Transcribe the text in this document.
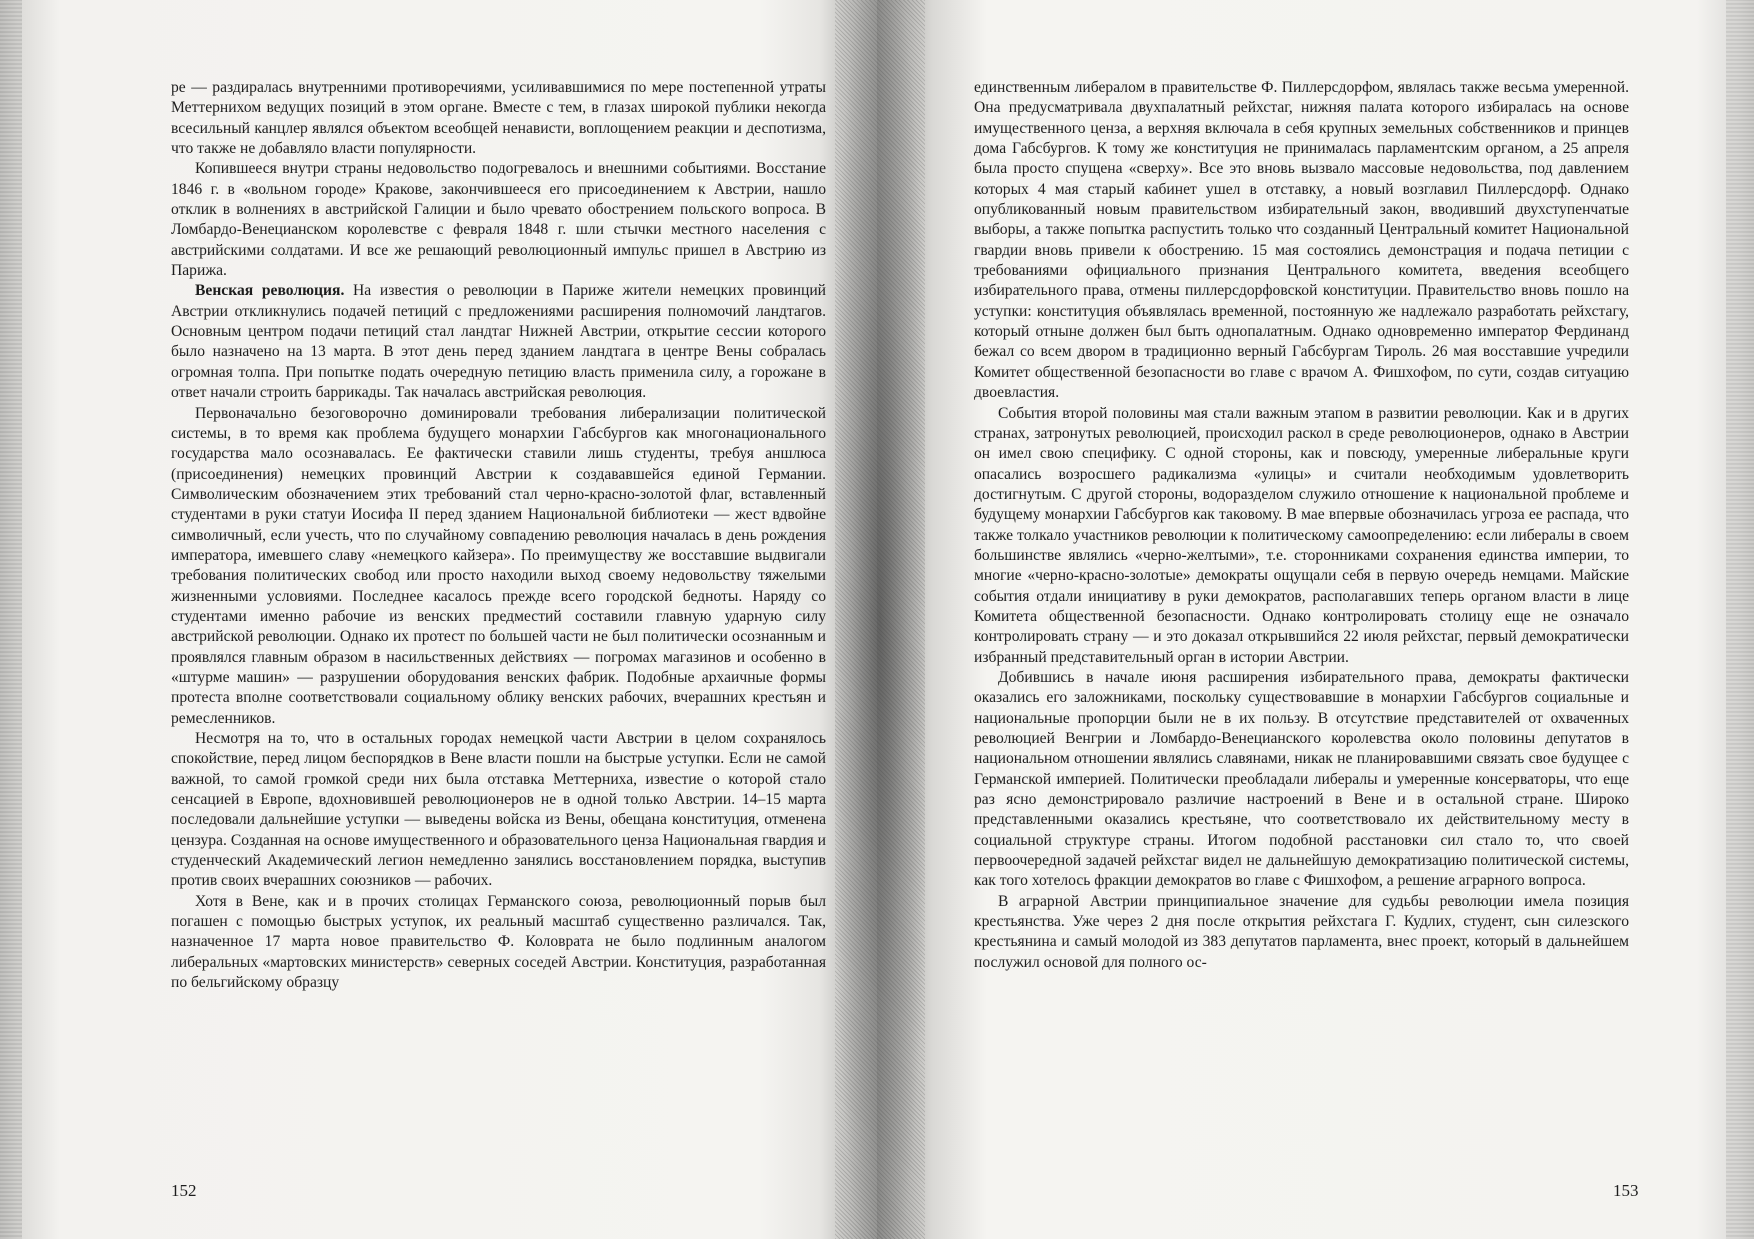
ре — раздиралась внутренними противоречиями, усиливавшимися по мере постепенной утраты Меттернихом ведущих позиций в этом органе. Вместе с тем, в глазах широкой публики некогда всесильный канцлер являлся объектом всеобщей ненависти, воплощением реакции и деспотизма, что также не добавляло власти популярности.

Копившееся внутри страны недовольство подогревалось и внешними событиями. Восстание 1846 г. в «вольном городе» Кракове, закончившееся его присоединением к Австрии, нашло отклик в волнениях в австрийской Галиции и было чревато обострением польского вопроса. В Ломбардо-Венецианском королевстве с февраля 1848 г. шли стычки местного населения с австрийскими солдатами. И все же решающий революционный импульс пришел в Австрию из Парижа.

Венская революция. На известия о революции в Париже жители немецких провинций Австрии откликнулись подачей петиций с предложениями расширения полномочий ландтагов. Основным центром подачи петиций стал ландтаг Нижней Австрии, открытие сессии которого было назначено на 13 марта. В этот день перед зданием ландтага в центре Вены собралась огромная толпа. При попытке подать очередную петицию власть применила силу, а горожане в ответ начали строить баррикады. Так началась австрийская революция.

Первоначально безоговорочно доминировали требования либерализации политической системы, в то время как проблема будущего монархии Габсбургов как многонационального государства мало осознавалась. Ее фактически ставили лишь студенты, требуя аншлюса (присоединения) немецких провинций Австрии к создававшейся единой Германии. Символическим обозначением этих требований стал черно-красно-золотой флаг, вставленный студентами в руки статуи Иосифа II перед зданием Национальной библиотеки — жест вдвойне символичный, если учесть, что по случайному совпадению революция началась в день рождения императора, имевшего славу «немецкого кайзера». По преимуществу же восставшие выдвигали требования политических свобод или просто находили выход своему недовольству тяжелыми жизненными условиями. Последнее касалось прежде всего городской бедноты. Наряду со студентами именно рабочие из венских предместий составили главную ударную силу австрийской революции. Однако их протест по большей части не был политически осознанным и проявлялся главным образом в насильственных действиях — погромах магазинов и особенно в «штурме машин» — разрушении оборудования венских фабрик. Подобные архаичные формы протеста вполне соответствовали социальному облику венских рабочих, вчерашних крестьян и ремесленников.

Несмотря на то, что в остальных городах немецкой части Австрии в целом сохранялось спокойствие, перед лицом беспорядков в Вене власти пошли на быстрые уступки. Если не самой важной, то самой громкой среди них была отставка Меттерниха, известие о которой стало сенсацией в Европе, вдохновившей революционеров не в одной только Австрии. 14–15 марта последовали дальнейшие уступки — выведены войска из Вены, обещана конституция, отменена цензура. Созданная на основе имущественного и образовательного ценза Национальная гвардия и студенческий Академический легион немедленно занялись восстановлением порядка, выступив против своих вчерашних союзников — рабочих.

Хотя в Вене, как и в прочих столицах Германского союза, революционный порыв был погашен с помощью быстрых уступок, их реальный масштаб существенно различался. Так, назначенное 17 марта новое правительство Ф. Коловрата не было подлинным аналогом либеральных «мартовских министерств» северных соседей Австрии. Конституция, разработанная по бельгийскому образцу

152

единственным либералом в правительстве Ф. Пиллерсдорфом, являлась также весьма умеренной. Она предусматривала двухпалатный рейхстаг, нижняя палата которого избиралась на основе имущественного ценза, а верхняя включала в себя крупных земельных собственников и принцев дома Габсбургов. К тому же конституция не принималась парламентским органом, а 25 апреля была просто спущена «сверху». Все это вновь вызвало массовые недовольства, под давлением которых 4 мая старый кабинет ушел в отставку, а новый возглавил Пиллерсдорф. Однако опубликованный новым правительством избирательный закон, вводивший двухступенчатые выборы, а также попытка распустить только что созданный Центральный комитет Национальной гвардии вновь привели к обострению. 15 мая состоялись демонстрация и подача петиции с требованиями официального признания Центрального комитета, введения всеобщего избирательного права, отмены пиллерсдорфовской конституции. Правительство вновь пошло на уступки: конституция объявлялась временной, постоянную же надлежало разработать рейхстагу, который отныне должен был быть однопалатным. Однако одновременно император Фердинанд бежал со всем двором в традиционно верный Габсбургам Тироль. 26 мая восставшие учредили Комитет общественной безопасности во главе с врачом А. Фишхофом, по сути, создав ситуацию двоевластия.

События второй половины мая стали важным этапом в развитии революции. Как и в других странах, затронутых революцией, происходил раскол в среде революционеров, однако в Австрии он имел свою специфику. С одной стороны, как и повсюду, умеренные либеральные круги опасались возросшего радикализма «улицы» и считали необходимым удовлетворить достигнутым. С другой стороны, водоразделом служило отношение к национальной проблеме и будущему монархии Габсбургов как таковому. В мае впервые обозначилась угроза ее распада, что также толкало участников революции к политическому самоопределению: если либералы в своем большинстве являлись «черно-желтыми», т.е. сторонниками сохранения единства империи, то многие «черно-красно-золотые» демократы ощущали себя в первую очередь немцами. Майские события отдали инициативу в руки демократов, располагавших теперь органом власти в лице Комитета общественной безопасности. Однако контролировать столицу еще не означало контролировать страну — и это доказал открывшийся 22 июля рейхстаг, первый демократически избранный представительный орган в истории Австрии.

Добившись в начале июня расширения избирательного права, демократы фактически оказались его заложниками, поскольку существовавшие в монархии Габсбургов социальные и национальные пропорции были не в их пользу. В отсутствие представителей от охваченных революцией Венгрии и Ломбардо-Венецианского королевства около половины депутатов в национальном отношении являлись славянами, никак не планировавшими связать свое будущее с Германской империей. Политически преобладали либералы и умеренные консерваторы, что еще раз ясно демонстрировало различие настроений в Вене и в остальной стране. Широко представленными оказались крестьяне, что соответствовало их действительному месту в социальной структуре страны. Итогом подобной расстановки сил стало то, что своей первоочередной задачей рейхстаг видел не дальнейшую демократизацию политической системы, как того хотелось фракции демократов во главе с Фишхофом, а решение аграрного вопроса.

В аграрной Австрии принципиальное значение для судьбы революции имела позиция крестьянства. Уже через 2 дня после открытия рейхстага Г. Кудлих, студент, сын силезского крестьянина и самый молодой из 383 депутатов парламента, внес проект, который в дальнейшем послужил основой для полного ос-

153
